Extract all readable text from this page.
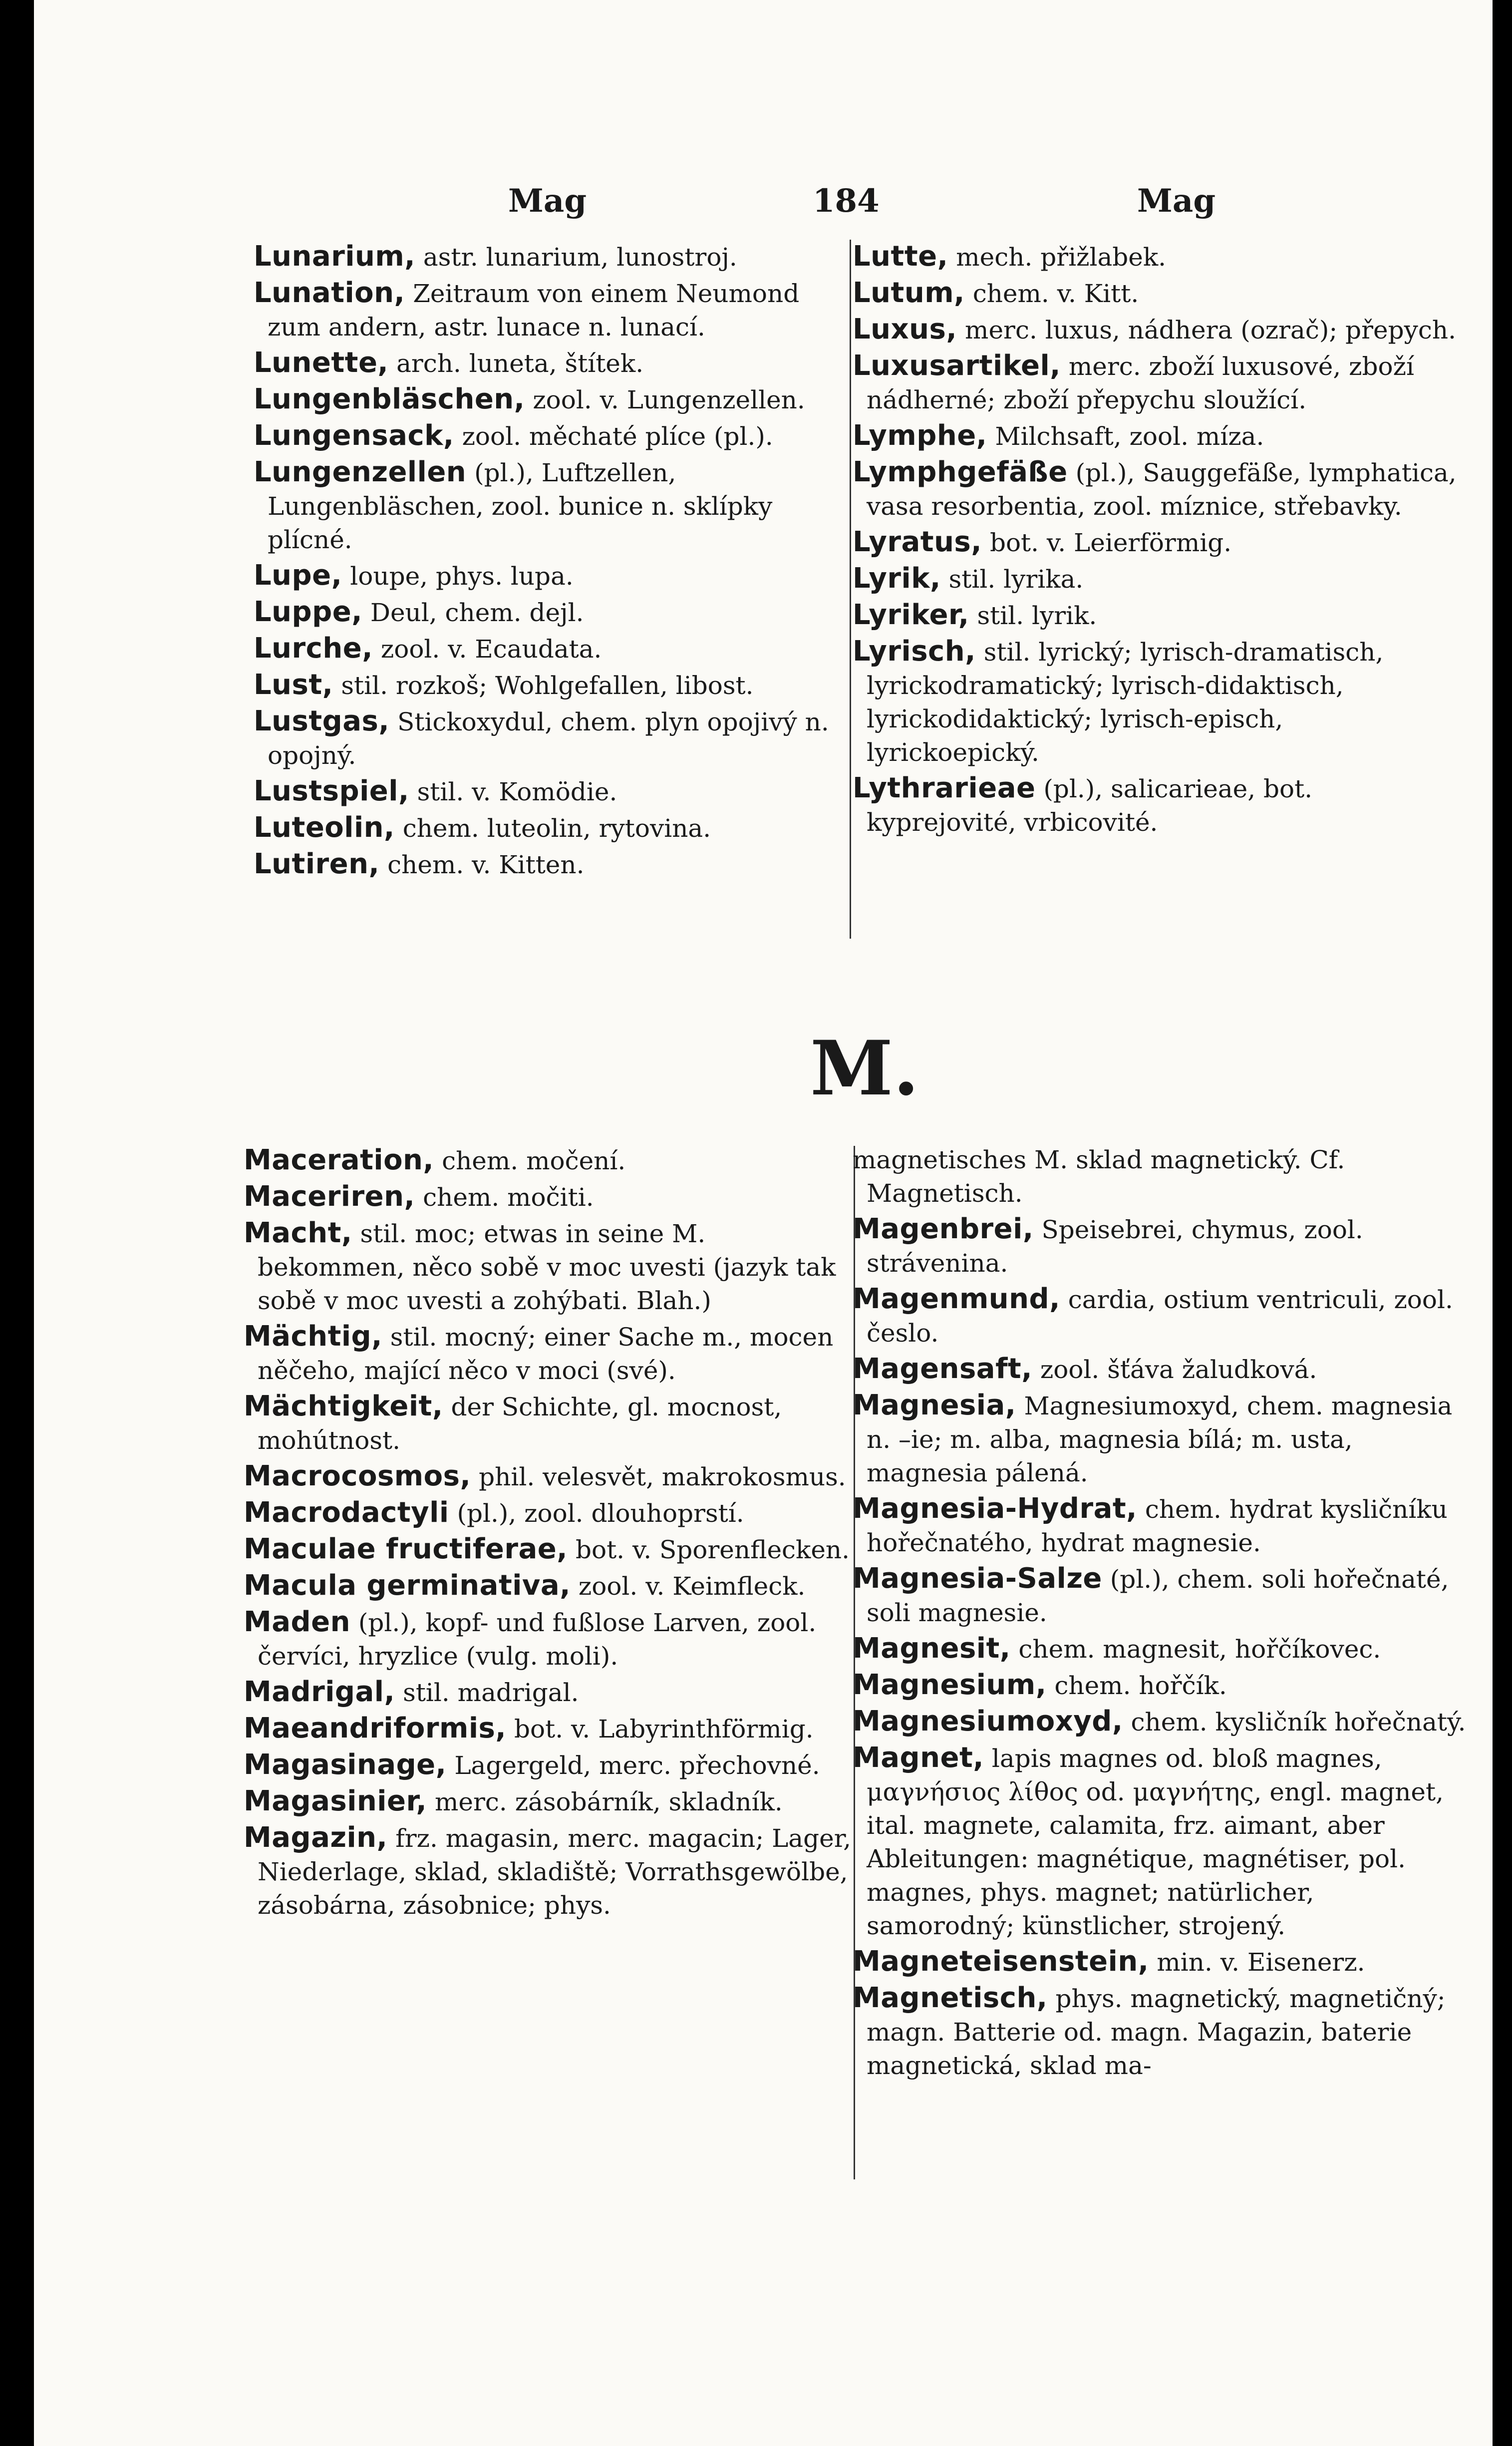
Mag	184	Mag
Lunarium, astr. lunarium, lunostroj.
Lunation, Zeitraum von einem Neumond zum andern, astr. lunace n. lunací.
Lunette, arch. luneta, štítek.
Lungenbläschen, zool. v. Lungenzellen.
Lungensack, zool. měchaté plíce (pl.).
Lungenzellen (pl.), Luftzellen, Lungenbläschen, zool. bunice n. sklípky plícné.
Lupe, loupe, phys. lupa.
Luppe, Deul, chem. dejl.
Lurche, zool. v. Ecaudata.
Lust, stil. rozkoš; Wohlgefallen, libost.
Lustgas, Stickoxydul, chem. plyn opojivý n. opojný.
Lustspiel, stil. v. Komödie.
Luteolin, chem. luteolin, rytovina.
Lutiren, chem. v. Kitten.
Lutte, mech. přižlabek.
Lutum, chem. v. Kitt.
Luxus, merc. luxus, nádhera (ozrač); přepych.
Luxusartikel, merc. zboží luxusové, zboží nádherné; zboží přepychu sloužící.
Lymphe, Milchsaft, zool. míza.
Lymphgefäße (pl.), Sauggefäße, lymphatica, vasa resorbentia, zool. míznice, střebavky.
Lyratus, bot. v. Leierförmig.
Lyrik, stil. lyrika.
Lyriker, stil. lyrik.
Lyrisch, stil. lyrický; lyrisch-dramatisch, lyrickodramatický; lyrisch-didaktisch, lyrickodidaktický; lyrisch-episch, lyrickoepický.
Lythrarieae (pl.), salicarieae, bot. kyprejovité, vrbicovité.
M.
Maceration, chem. močení.
Maceriren, chem. močiti.
Macht, stil. moc; etwas in seine M. bekommen, něco sobě v moc uvesti (jazyk tak sobě v moc uvesti a zohýbati. Blah.)
Mächtig, stil. mocný; einer Sache m., mocen něčeho, mající něco v moci (své).
Mächtigkeit, der Schichte, gl. mocnost, mohútnost.
Macrocosmos, phil. velesvět, makrokosmus.
Macrodactyli (pl.), zool. dlouhoprstí.
Maculae fructiferae, bot. v. Sporenflecken.
Macula germinativa, zool. v. Keimfleck.
Maden (pl.), kopf- und fußlose Larven, zool. červíci, hryzlice (vulg. moli).
Madrigal, stil. madrigal.
Maeandriformis, bot. v. Labyrinthförmig.
Magasinage, Lagergeld, merc. přechovné.
Magasinier, merc. zásobárník, skladník.
Magazin, frz. magasin, merc. magacin; Lager, Niederlage, sklad, skladiště; Vorrathsgewölbe, zásobárna, zásobnice; phys.
magnetisches M. sklad magnetický. Cf. Magnetisch.
Magenbrei, Speisebrei, chymus, zool. strávenina.
Magenmund, cardia, ostium ventriculi, zool. česlo.
Magensaft, zool. šťáva žaludková.
Magnesia, Magnesiumoxyd, chem. magnesia n. –ie; m. alba, magnesia bílá; m. usta, magnesia pálená.
Magnesia-Hydrat, chem. hydrat kysličníku hořečnatého, hydrat magnesie.
Magnesia-Salze (pl.), chem. soli hořečnaté, soli magnesie.
Magnesit, chem. magnesit, hořčíkovec.
Magnesium, chem. hořčík.
Magnesiumoxyd, chem. kysličník hořečnatý.
Magnet, lapis magnes od. bloß magnes, μαγνήσιος λίθος od. μαγνήτης, engl. magnet, ital. magnete, calamita, frz. aimant, aber Ableitungen: magnétique, magnétiser, pol. magnes, phys. magnet; natürlicher, samorodný; künstlicher, strojený.
Magneteisenstein, min. v. Eisenerz.
Magnetisch, phys. magnetický, magnetičný; magn. Batterie od. magn. Magazin, baterie magnetická, sklad ma-
